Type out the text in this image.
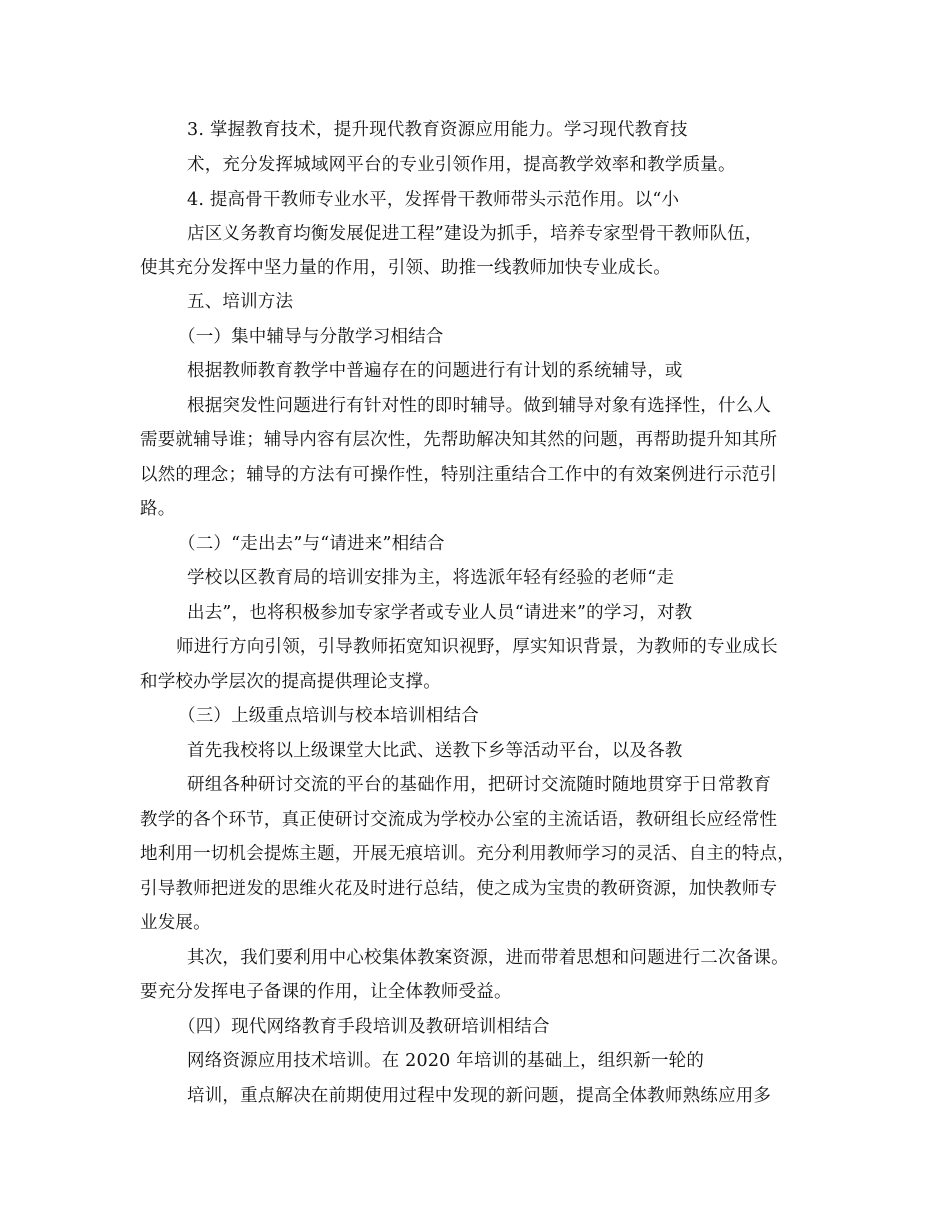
3. 掌握教育技术，提升现代教育资源应用能力。学习现代教育技
术，充分发挥城域网平台的专业引领作用，提高教学效率和教学质量。
4. 提高骨干教师专业水平，发挥骨干教师带头示范作用。以“小
店区义务教育均衡发展促进工程”建设为抓手，培养专家型骨干教师队伍，
使其充分发挥中坚力量的作用，引领、助推一线教师加快专业成长。
五、培训方法
（一）集中辅导与分散学习相结合
根据教师教育教学中普遍存在的问题进行有计划的系统辅导，或
根据突发性问题进行有针对性的即时辅导。做到辅导对象有选择性，什么人
需要就辅导谁；辅导内容有层次性，先帮助解决知其然的问题，再帮助提升知其所
以然的理念；辅导的方法有可操作性，特别注重结合工作中的有效案例进行示范引
路。
（二）“走出去”与“请进来”相结合
学校以区教育局的培训安排为主，将选派年轻有经验的老师“走
出去”，也将积极参加专家学者或专业人员“请进来”的学习，对教
师进行方向引领，引导教师拓宽知识视野，厚实知识背景，为教师的专业成长
和学校办学层次的提高提供理论支撑。
（三）上级重点培训与校本培训相结合
首先我校将以上级课堂大比武、送教下乡等活动平台，以及各教
研组各种研讨交流的平台的基础作用，把研讨交流随时随地贯穿于日常教育
教学的各个环节，真正使研讨交流成为学校办公室的主流话语，教研组长应经常性
地利用一切机会提炼主题，开展无痕培训。充分利用教师学习的灵活、自主的特点，
引导教师把迸发的思维火花及时进行总结，使之成为宝贵的教研资源，加快教师专
业发展。
其次，我们要利用中心校集体教案资源，进而带着思想和问题进行二次备课。
要充分发挥电子备课的作用，让全体教师受益。
（四）现代网络教育手段培训及教研培训相结合
网络资源应用技术培训。在 2020 年培训的基础上，组织新一轮的
培训，重点解决在前期使用过程中发现的新问题，提高全体教师熟练应用多
